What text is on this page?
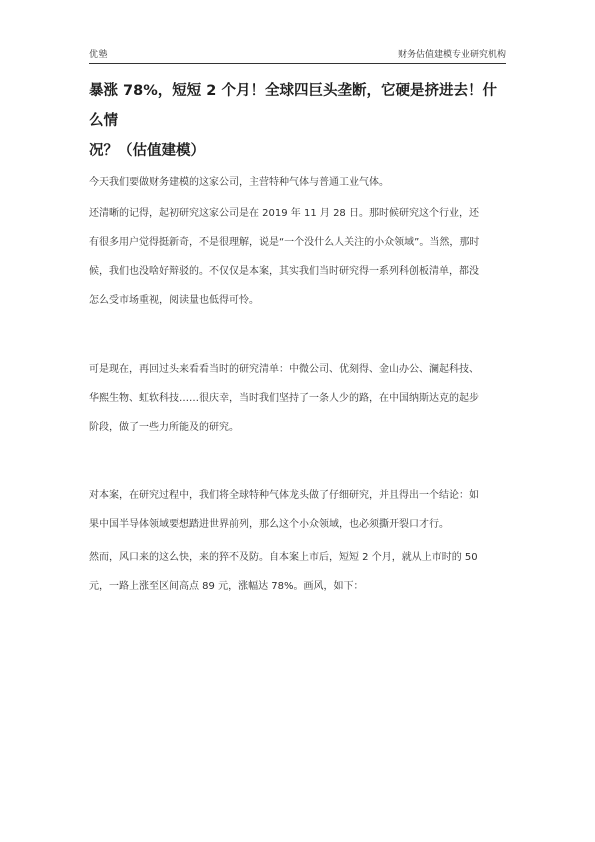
优塾	财务估值建模专业研究机构
暴涨 78%，短短 2 个月！全球四巨头垄断，它硬是挤进去！什么情
况？（估值建模）
今天我们要做财务建模的这家公司，主营特种气体与普通工业气体。
还清晰的记得，起初研究这家公司是在 2019 年 11 月 28 日。那时候研究这个行业，还
有很多用户觉得挺新奇，不是很理解，说是“一个没什么人关注的小众领域”。当然，那时
候，我们也没啥好辩驳的。不仅仅是本案，其实我们当时研究得一系列科创板清单，都没
怎么受市场重视，阅读量也低得可怜。
可是现在，再回过头来看看当时的研究清单：中微公司、优刻得、金山办公、澜起科技、
华熙生物、虹软科技……很庆幸，当时我们坚持了一条人少的路，在中国纳斯达克的起步
阶段，做了一些力所能及的研究。
对本案，在研究过程中，我们将全球特种气体龙头做了仔细研究，并且得出一个结论：如
果中国半导体领域要想踏进世界前列，那么这个小众领域，也必须撕开裂口才行。
然而，风口来的这么快，来的猝不及防。自本案上市后，短短 2 个月，就从上市时的 50
元，一路上涨至区间高点 89 元，涨幅达 78%。画风，如下：
